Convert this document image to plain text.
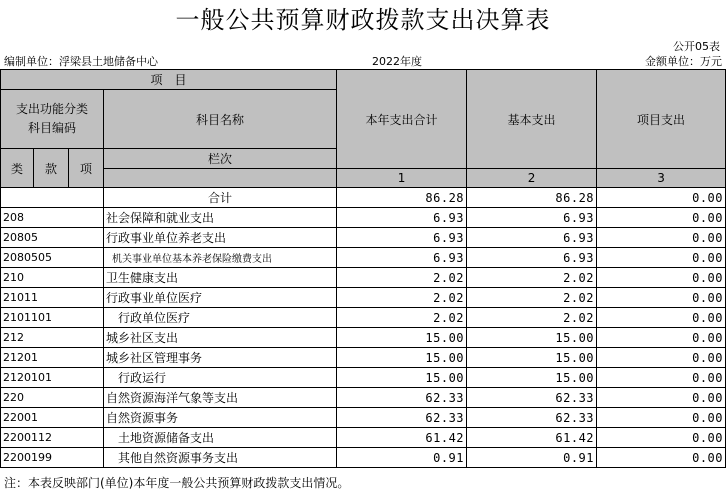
一般公共预算财政拨款支出决算表
公开05表
编制单位：浮梁县土地储备中心	2022年度	金额单位：万元
项　目				本年支出合计	基本支出	项目支出
支出功能分类
科目编码			科目名称			
类	款	项	栏次			
				1	2	3
			合计	86.28	86.28	0.00
208			社会保障和就业支出	6.93	6.93	0.00
20805			行政事业单位养老支出	6.93	6.93	0.00
2080505			机关事业单位基本养老保险缴费支出	6.93	6.93	0.00
210			卫生健康支出	2.02	2.02	0.00
21011			行政事业单位医疗	2.02	2.02	0.00
2101101			行政单位医疗	2.02	2.02	0.00
212			城乡社区支出	15.00	15.00	0.00
21201			城乡社区管理事务	15.00	15.00	0.00
2120101			行政运行	15.00	15.00	0.00
220			自然资源海洋气象等支出	62.33	62.33	0.00
22001			自然资源事务	62.33	62.33	0.00
2200112			土地资源储备支出	61.42	61.42	0.00
2200199			其他自然资源事务支出	0.91	0.91	0.00
注：本表反映部门(单位)本年度一般公共预算财政拨款支出情况。
